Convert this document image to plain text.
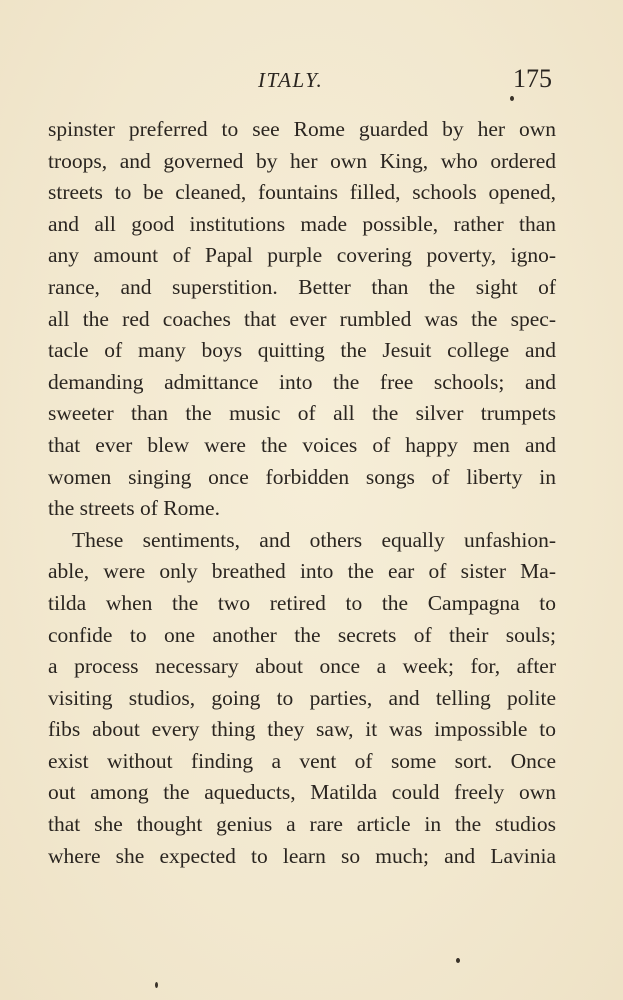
ITALY.	175
spinster preferred to see Rome guarded by her own
troops, and governed by her own King, who ordered
streets to be cleaned, fountains filled, schools opened,
and all good institutions made possible, rather than
any amount of Papal purple covering poverty, igno-
rance, and superstition. Better than the sight of
all the red coaches that ever rumbled was the spec-
tacle of many boys quitting the Jesuit college and
demanding admittance into the free schools; and
sweeter than the music of all the silver trumpets
that ever blew were the voices of happy men and
women singing once forbidden songs of liberty in
the streets of Rome.
These sentiments, and others equally unfashion-
able, were only breathed into the ear of sister Ma-
tilda when the two retired to the Campagna to
confide to one another the secrets of their souls;
a process necessary about once a week; for, after
visiting studios, going to parties, and telling polite
fibs about every thing they saw, it was impossible to
exist without finding a vent of some sort. Once
out among the aqueducts, Matilda could freely own
that she thought genius a rare article in the studios
where she expected to learn so much; and Lavinia
